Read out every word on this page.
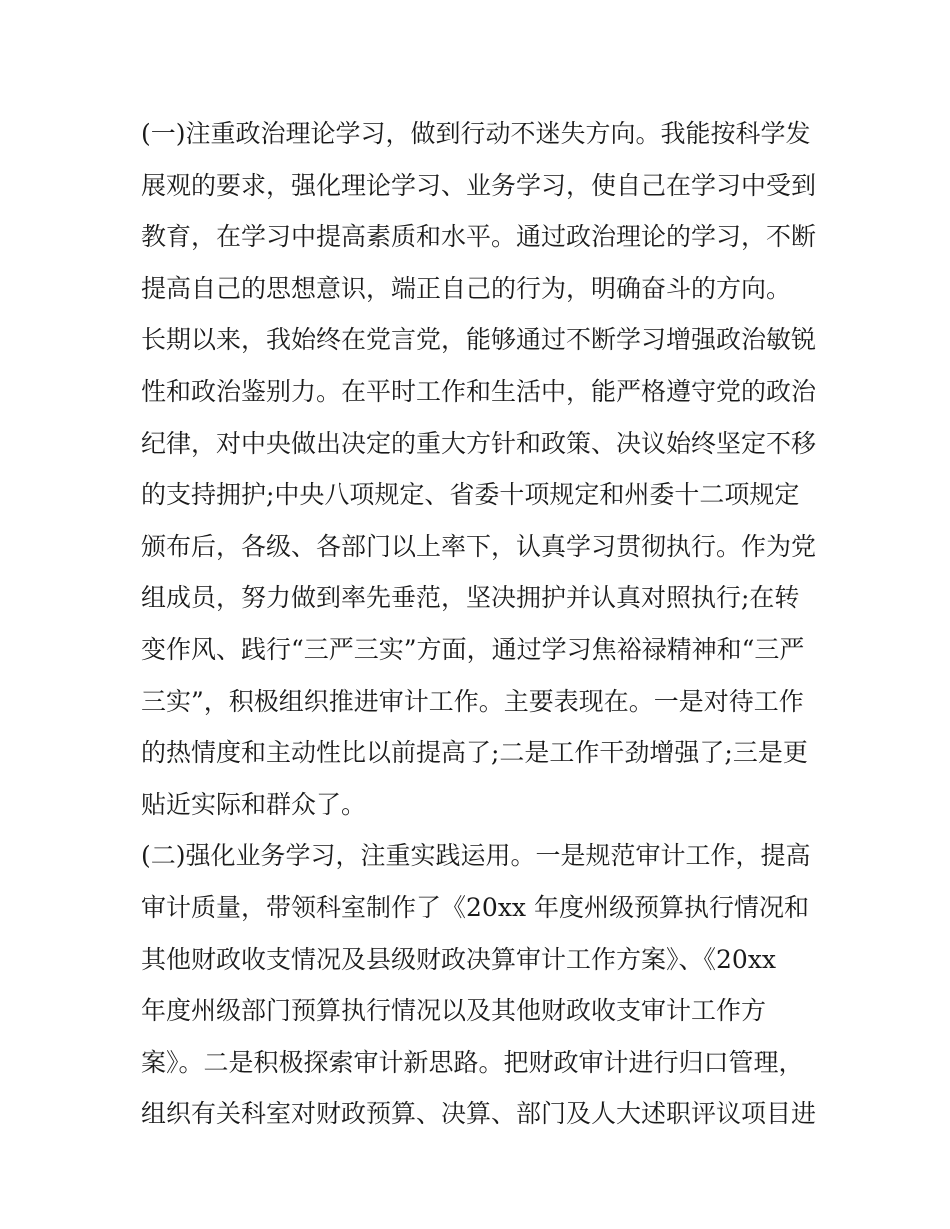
(一)注重政治理论学习，做到行动不迷失方向。我能按科学发
展观的要求，强化理论学习、业务学习，使自己在学习中受到
教育，在学习中提高素质和水平。通过政治理论的学习，不断
提高自己的思想意识，端正自己的行为，明确奋斗的方向。
长期以来，我始终在党言党，能够通过不断学习增强政治敏锐
性和政治鉴别力。在平时工作和生活中，能严格遵守党的政治
纪律，对中央做出决定的重大方针和政策、决议始终坚定不移
的支持拥护;中央八项规定、省委十项规定和州委十二项规定
颁布后，各级、各部门以上率下，认真学习贯彻执行。作为党
组成员，努力做到率先垂范，坚决拥护并认真对照执行;在转
变作风、践行“三严三实”方面，通过学习焦裕禄精神和“三严
三实”，积极组织推进审计工作。主要表现在。一是对待工作
的热情度和主动性比以前提高了;二是工作干劲增强了;三是更
贴近实际和群众了。
(二)强化业务学习，注重实践运用。一是规范审计工作，提高
审计质量，带领科室制作了《20xx 年度州级预算执行情况和
其他财政收支情况及县级财政决算审计工作方案》、《20xx
年度州级部门预算执行情况以及其他财政收支审计工作方
案》。二是积极探索审计新思路。把财政审计进行归口管理，
组织有关科室对财政预算、决算、部门及人大述职评议项目进
